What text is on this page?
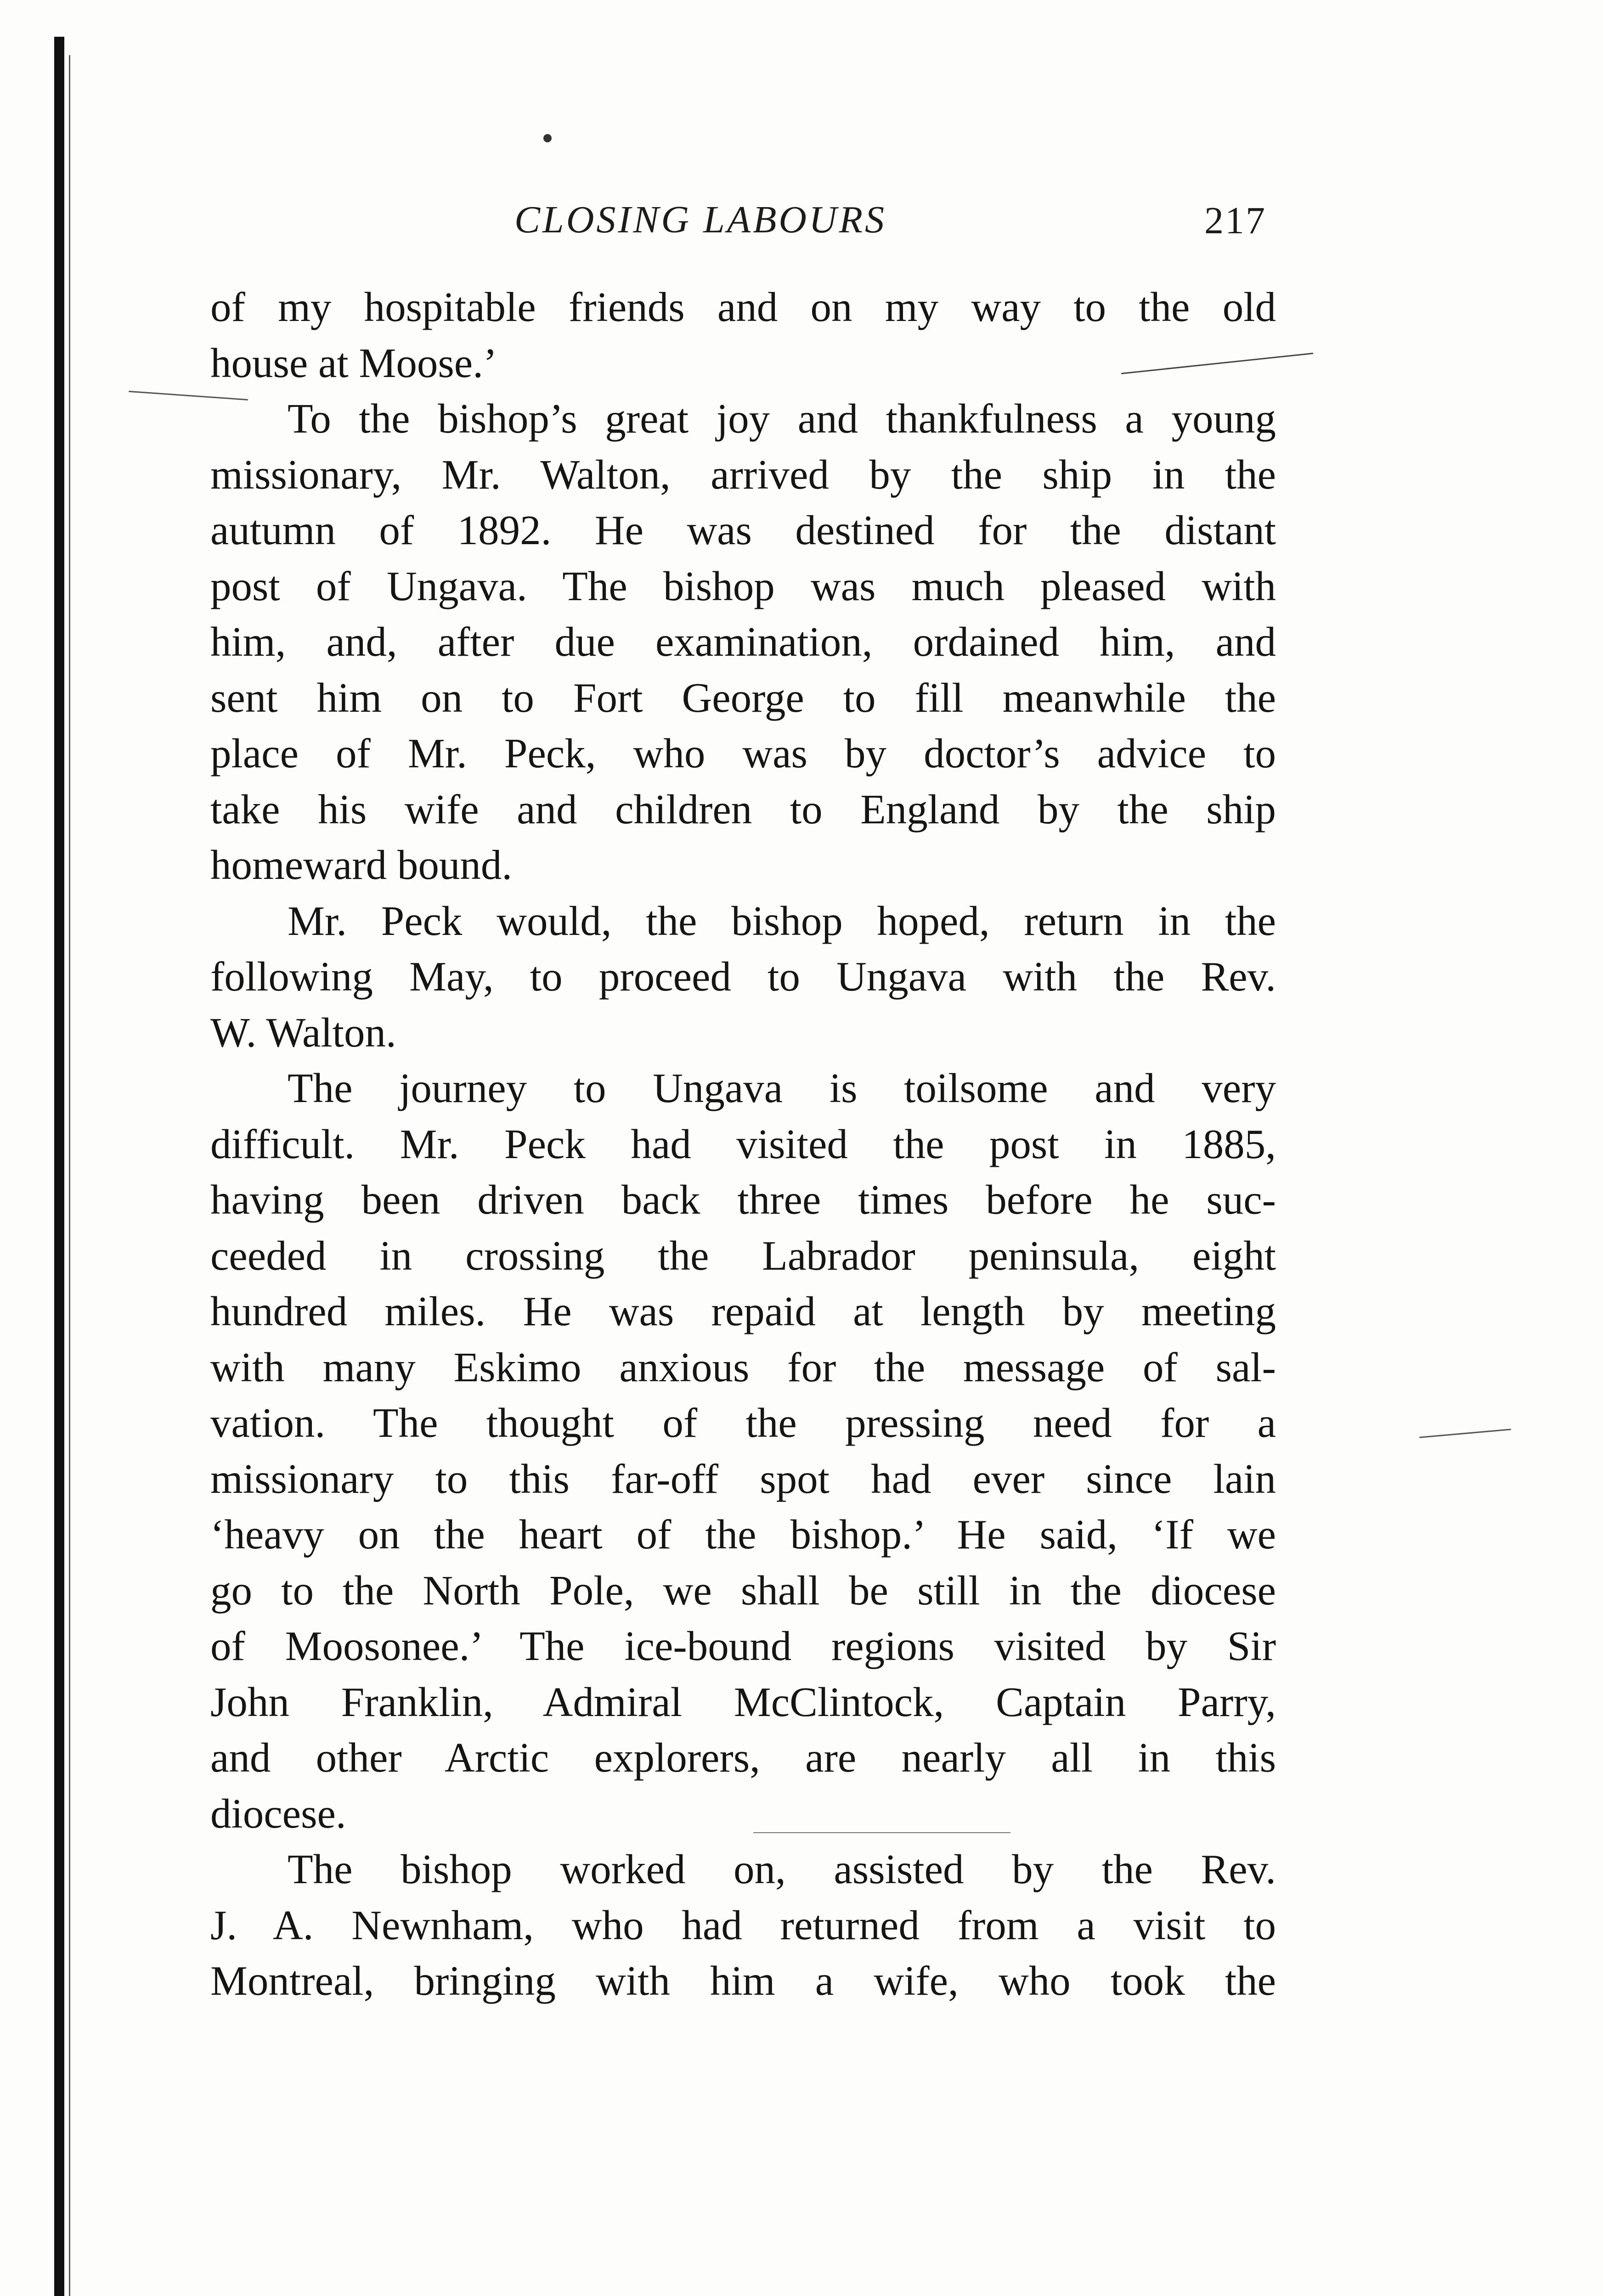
CLOSING LABOURS	217
of my hospitable friends and on my way to the old
house at Moose.’
To the bishop’s great joy and thankfulness a young
missionary, Mr. Walton, arrived by the ship in the
autumn of 1892. He was destined for the distant
post of Ungava. The bishop was much pleased with
him, and, after due examination, ordained him, and
sent him on to Fort George to fill meanwhile the
place of Mr. Peck, who was by doctor’s advice to
take his wife and children to England by the ship
homeward bound.
Mr. Peck would, the bishop hoped, return in the
following May, to proceed to Ungava with the Rev.
W. Walton.
The journey to Ungava is toilsome and very
difficult. Mr. Peck had visited the post in 1885,
having been driven back three times before he suc-
ceeded in crossing the Labrador peninsula, eight
hundred miles. He was repaid at length by meeting
with many Eskimo anxious for the message of sal-
vation. The thought of the pressing need for a
missionary to this far-off spot had ever since lain
‘heavy on the heart of the bishop.’ He said, ‘If we
go to the North Pole, we shall be still in the diocese
of Moosonee.’ The ice-bound regions visited by Sir
John Franklin, Admiral McClintock, Captain Parry,
and other Arctic explorers, are nearly all in this
diocese.
The bishop worked on, assisted by the Rev.
J. A. Newnham, who had returned from a visit to
Montreal, bringing with him a wife, who took the
